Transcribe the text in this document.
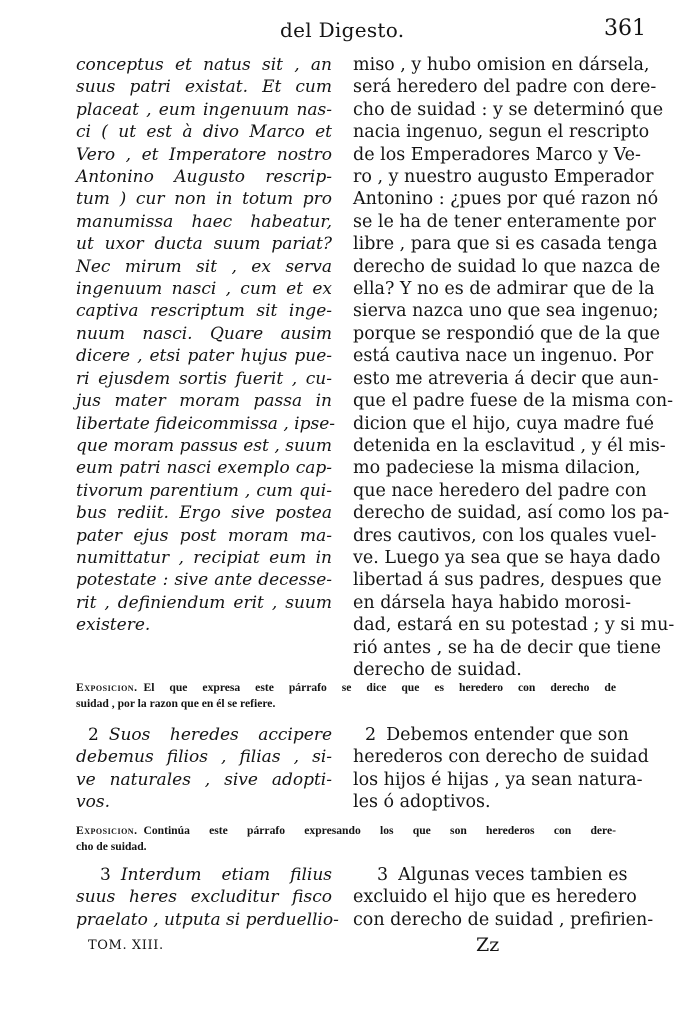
del Digesto.	361
conceptus et natus sit , an
suus patri existat. Et cum
placeat , eum ingenuum nas-
ci ( ut est à divo Marco et
Vero , et Imperatore nostro
Antonino Augusto rescrip-
tum ) cur non in totum pro
manumissa haec habeatur,
ut uxor ducta suum pariat?
Nec mirum sit , ex serva
ingenuum nasci , cum et ex
captiva rescriptum sit inge-
nuum nasci. Quare ausim
dicere , etsi pater hujus pue-
ri ejusdem sortis fuerit , cu-
jus mater moram passa in
libertate fideicommissa , ipse-
que moram passus est , suum
eum patri nasci exemplo cap-
tivorum parentium , cum qui-
bus rediit. Ergo sive postea
pater ejus post moram ma-
numittatur , recipiat eum in
potestate : sive ante decesse-
rit , definiendum erit , suum
existere.
miso , y hubo omision en dársela,
será heredero del padre con dere-
cho de suidad : y se determinó que
nacia ingenuo, segun el rescripto
de los Emperadores Marco y Ve-
ro , y nuestro augusto Emperador
Antonino : ¿pues por qué razon nó
se le ha de tener enteramente por
libre , para que si es casada tenga
derecho de suidad lo que nazca de
ella? Y no es de admirar que de la
sierva nazca uno que sea ingenuo;
porque se respondió que de la que
está cautiva nace un ingenuo. Por
esto me atreveria á decir que aun-
que el padre fuese de la misma con-
dicion que el hijo, cuya madre fué
detenida en la esclavitud , y él mis-
mo padeciese la misma dilacion,
que nace heredero del padre con
derecho de suidad, así como los pa-
dres cautivos, con los quales vuel-
ve. Luego ya sea que se haya dado
libertad á sus padres, despues que
en dársela haya habido morosi-
dad, estará en su potestad ; y si mu-
rió antes , se ha de decir que tiene
derecho de suidad.
Exposicion. El que expresa este párrafo se dice que es heredero con derecho de
suidad , por la razon que en él se refiere.
2 Suos heredes accipere
debemus filios , filias , si-
ve naturales , sive adopti-
vos.
2 Debemos entender que son
herederos con derecho de suidad
los hijos é hijas , ya sean natura-
les ó adoptivos.
Exposicion. Continúa este párrafo expresando los que son herederos con dere-
cho de suidad.
3 Interdum etiam filius
suus heres excluditur fisco
praelato , utputa si perduellio-
3 Algunas veces tambien es
excluido el hijo que es heredero
con derecho de suidad , prefirien-
TOM. XIII.	Zz
